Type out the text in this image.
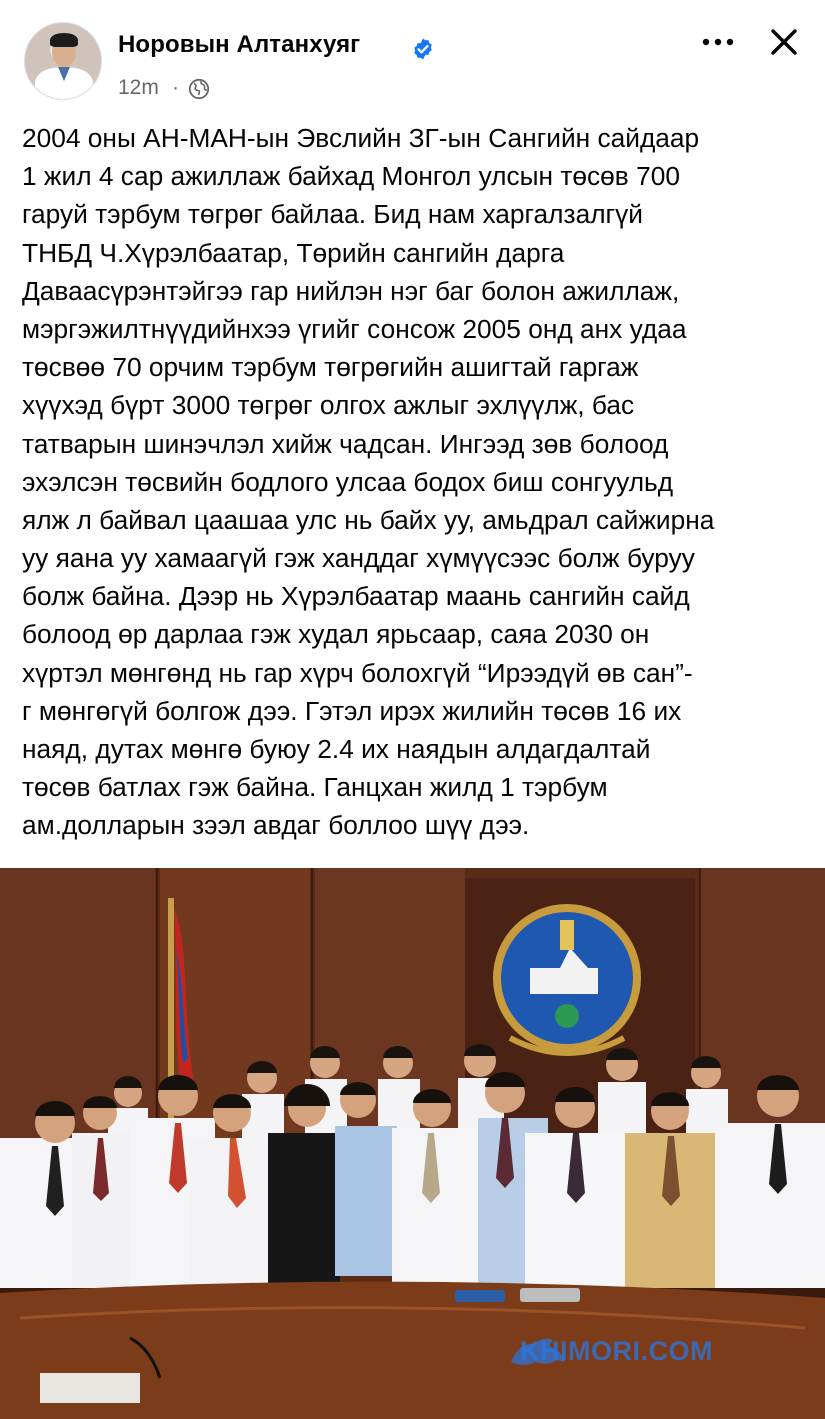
Норовын Алтанхуяг
12m ·
2004 оны АН-МАН-ын Эвслийн ЗГ-ын Сангийн сайдаар
1 жил 4 сар ажиллаж байхад Монгол улсын төсөв 700
гаруй тэрбум төгрөг байлаа. Бид нам харгалзалгүй
ТНБД Ч.Хүрэлбаатар, Төрийн сангийн дарга
Даваасүрэнтэйгээ гар нийлэн нэг баг болон ажиллаж,
мэргэжилтнүүдийнхээ үгийг сонсож 2005 онд анх удаа
төсвөө 70 орчим тэрбум төгрөгийн ашигтай гаргаж
хүүхэд бүрт 3000 төгрөг олгох ажлыг эхлүүлж, бас
татварын шинэчлэл хийж чадсан. Ингээд зөв болоод
эхэлсэн төсвийн бодлого улсаа бодох биш сонгуульд
ялж л байвал цаашаа улс нь байх уу, амьдрал сайжирна
уу яана уу хамаагүй гэж ханддаг хүмүүсээс болж буруу
болж байна. Дээр нь Хүрэлбаатар маань сангийн сайд
болоод өр дарлаа гэж худал ярьсаар, саяа 2030 он
хүртэл мөнгөнд нь гар хүрч болохгүй “Ирээдүй өв сан”-
г мөнгөгүй болгож дээ. Гэтэл ирэх жилийн төсөв 16 их
наяд, дутах мөнгө буюу 2.4 их наядын алдагдалтай
төсөв батлах гэж байна. Ганцхан жилд 1 тэрбум
ам.долларын зээл авдаг боллоо шүү дээ.
KHIMORI.COM
